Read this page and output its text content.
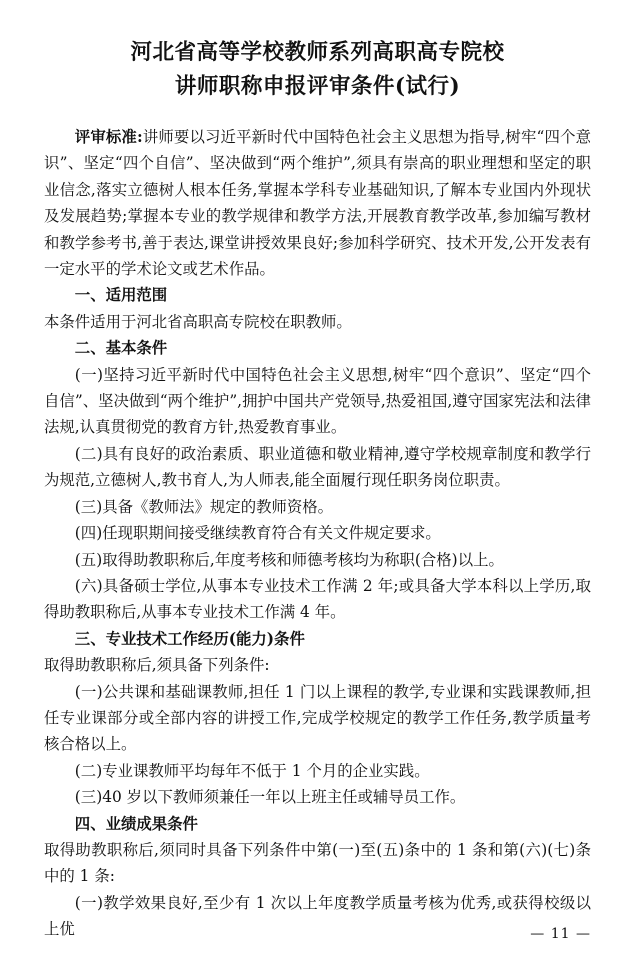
河北省高等学校教师系列高职高专院校
讲师职称申报评审条件(试行)

评审标准:讲师要以习近平新时代中国特色社会主义思想为指导,树牢“四个意识”、坚定“四个自信”、坚决做到“两个维护”,须具有崇高的职业理想和坚定的职业信念,落实立德树人根本任务,掌握本学科专业基础知识,了解本专业国内外现状及发展趋势;掌握本专业的教学规律和教学方法,开展教育教学改革,参加编写教材和教学参考书,善于表达,课堂讲授效果良好;参加科学研究、技术开发,公开发表有一定水平的学术论文或艺术作品。

一、适用范围

本条件适用于河北省高职高专院校在职教师。

二、基本条件

(一)坚持习近平新时代中国特色社会主义思想,树牢“四个意识”、坚定“四个自信”、坚决做到“两个维护”,拥护中国共产党领导,热爱祖国,遵守国家宪法和法律法规,认真贯彻党的教育方针,热爱教育事业。

(二)具有良好的政治素质、职业道德和敬业精神,遵守学校规章制度和教学行为规范,立德树人,教书育人,为人师表,能全面履行现任职务岗位职责。

(三)具备《教师法》规定的教师资格。

(四)任现职期间接受继续教育符合有关文件规定要求。

(五)取得助教职称后,年度考核和师德考核均为称职(合格)以上。

(六)具备硕士学位,从事本专业技术工作满 2 年;或具备大学本科以上学历,取得助教职称后,从事本专业技术工作满 4 年。

三、专业技术工作经历(能力)条件

取得助教职称后,须具备下列条件:

(一)公共课和基础课教师,担任 1 门以上课程的教学,专业课和实践课教师,担任专业课部分或全部内容的讲授工作,完成学校规定的教学工作任务,教学质量考核合格以上。

(二)专业课教师平均每年不低于 1 个月的企业实践。

(三)40 岁以下教师须兼任一年以上班主任或辅导员工作。

四、业绩成果条件

取得助教职称后,须同时具备下列条件中第(一)至(五)条中的 1 条和第(六)(七)条中的 1 条:

(一)教学效果良好,至少有 1 次以上年度教学质量考核为优秀,或获得校级以上优	— 11 —
